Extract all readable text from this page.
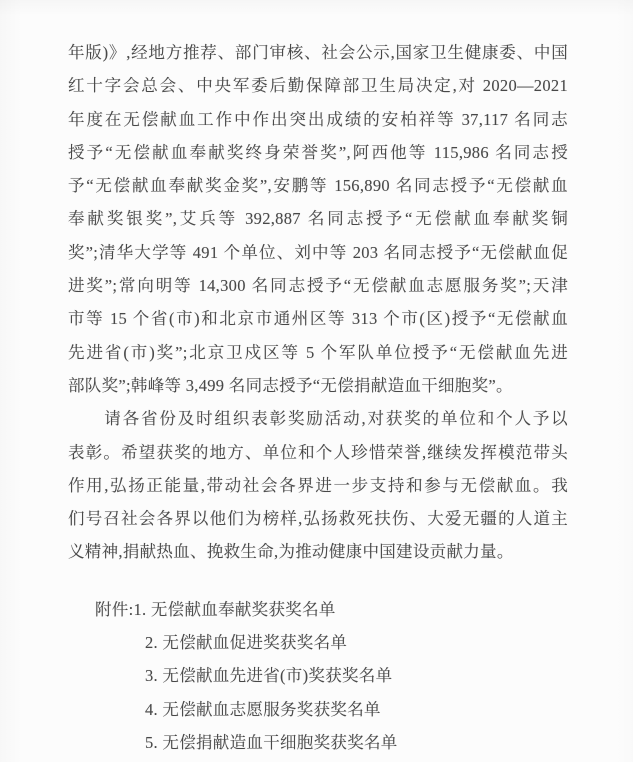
年版)》,经地方推荐、部门审核、社会公示,国家卫生健康委、中国
红十字会总会、中央军委后勤保障部卫生局决定,对 2020—2021
年度在无偿献血工作中作出突出成绩的安柏祥等 37,117 名同志
授予“无偿献血奉献奖终身荣誉奖”,阿西他等 115,986 名同志授
予“无偿献血奉献奖金奖”,安鹏等 156,890 名同志授予“无偿献血
奉献奖银奖”,艾兵等 392,887 名同志授予“无偿献血奉献奖铜
奖”;清华大学等 491 个单位、刘中等 203 名同志授予“无偿献血促
进奖”;常向明等 14,300 名同志授予“无偿献血志愿服务奖”;天津
市等 15 个省(市)和北京市通州区等 313 个市(区)授予“无偿献血
先进省(市)奖”;北京卫戍区等 5 个军队单位授予“无偿献血先进
部队奖”;韩峰等 3,499 名同志授予“无偿捐献造血干细胞奖”。
请各省份及时组织表彰奖励活动,对获奖的单位和个人予以
表彰。希望获奖的地方、单位和个人珍惜荣誉,继续发挥模范带头
作用,弘扬正能量,带动社会各界进一步支持和参与无偿献血。我
们号召社会各界以他们为榜样,弘扬救死扶伤、大爱无疆的人道主
义精神,捐献热血、挽救生命,为推动健康中国建设贡献力量。
附件:1. 无偿献血奉献奖获奖名单
2. 无偿献血促进奖获奖名单
3. 无偿献血先进省(市)奖获奖名单
4. 无偿献血志愿服务奖获奖名单
5. 无偿捐献造血干细胞奖获奖名单
